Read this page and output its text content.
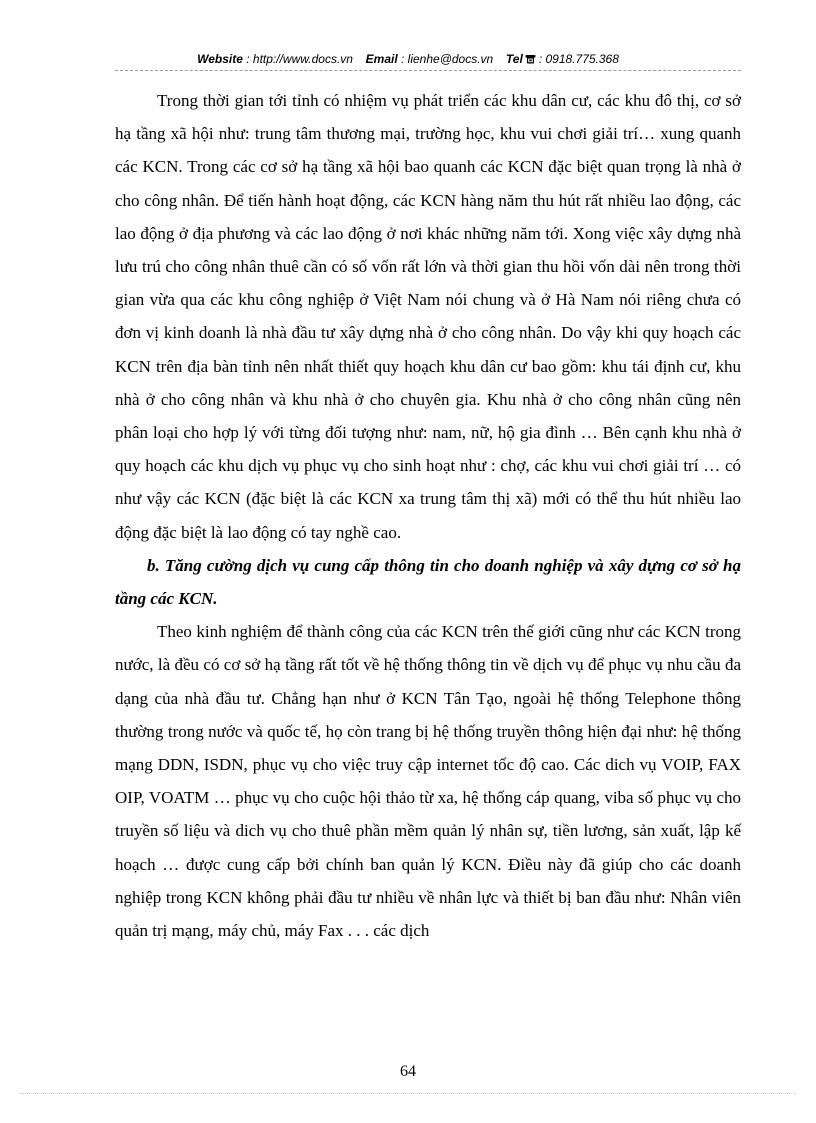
Website : http://www.docs.vn Email : lienhe@docs.vn Tel : 0918.775.368

Trong thời gian tới tỉnh có nhiệm vụ phát triển các khu dân cư, các khu đô thị, cơ sở hạ tầng xã hội như: trung tâm thương mại, trường học, khu vui chơi giải trí… xung quanh các KCN. Trong các cơ sở hạ tầng xã hội bao quanh các KCN đặc biệt quan trọng là nhà ở cho công nhân. Để tiến hành hoạt động, các KCN hàng năm thu hút rất nhiều lao động, các lao động ở địa phương và các lao động ở nơi khác những năm tới. Xong việc xây dựng nhà lưu trú cho công nhân thuê cần có số vốn rất lớn và thời gian thu hồi vốn dài nên trong thời gian vừa qua các khu công nghiệp ở Việt Nam nói chung và ở Hà Nam nói riêng chưa có đơn vị kinh doanh là nhà đầu tư xây dựng nhà ở cho công nhân. Do vậy khi quy hoạch các KCN trên địa bàn tỉnh nên nhất thiết quy hoạch khu dân cư bao gồm: khu tái định cư, khu nhà ở cho công nhân và khu nhà ở cho chuyên gia. Khu nhà ở cho công nhân cũng nên phân loại cho hợp lý với từng đối tượng như: nam, nữ, hộ gia đình … Bên cạnh khu nhà ở quy hoạch các khu dịch vụ phục vụ cho sinh hoạt như : chợ, các khu vui chơi giải trí … có như vậy các KCN (đặc biệt là các KCN xa trung tâm thị xã) mới có thể thu hút nhiều lao động đặc biệt là lao động có tay nghề cao.

b. Tăng cường dịch vụ cung cấp thông tin cho doanh nghiệp và xây dựng cơ sở hạ tầng các KCN.

Theo kinh nghiệm để thành công của các KCN trên thế giới cũng như các KCN trong nước, là đều có cơ sở hạ tầng rất tốt về hệ thống thông tin về dịch vụ để phục vụ nhu cầu đa dạng của nhà đầu tư. Chẳng hạn như ở KCN Tân Tạo, ngoài hệ thống Telephone thông thường trong nước và quốc tế, họ còn trang bị hệ thống truyền thông hiện đại như: hệ thống mạng DDN, ISDN, phục vụ cho việc truy cập internet tốc độ cao. Các dich vụ VOIP, FAX OIP, VOATM … phục vụ cho cuộc hội thảo từ xa, hệ thống cáp quang, viba số phục vụ cho truyền số liệu và dich vụ cho thuê phần mềm quản lý nhân sự, tiền lương, sản xuất, lập kế hoạch … được cung cấp bởi chính ban quản lý KCN. Điều này đã giúp cho các doanh nghiệp trong KCN không phải đầu tư nhiều về nhân lực và thiết bị ban đầu như: Nhân viên quản trị mạng, máy chủ, máy Fax . . . các dịch

64
